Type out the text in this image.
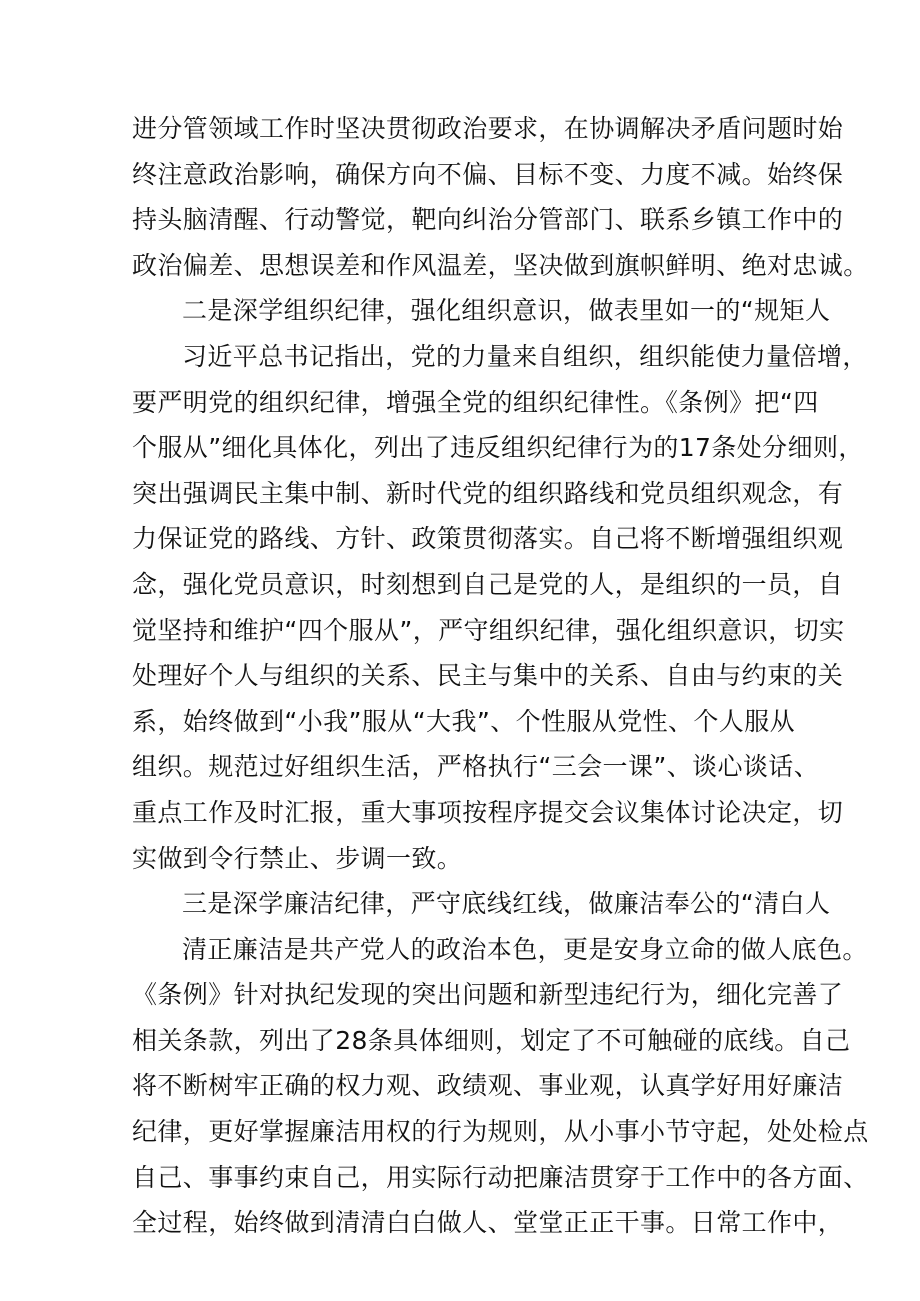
进分管领域工作时坚决贯彻政治要求，在协调解决矛盾问题时始
终注意政治影响，确保方向不偏、目标不变、力度不减。始终保
持头脑清醒、行动警觉，靶向纠治分管部门、联系乡镇工作中的
政治偏差、思想误差和作风温差，坚决做到旗帜鲜明、绝对忠诚。
二是深学组织纪律，强化组织意识，做表里如一的“规矩人
习近平总书记指出，党的力量来自组织，组织能使力量倍增，
要严明党的组织纪律，增强全党的组织纪律性。《条例》把“四
个服从”细化具体化，列出了违反组织纪律行为的17条处分细则，
突出强调民主集中制、新时代党的组织路线和党员组织观念，有
力保证党的路线、方针、政策贯彻落实。自己将不断增强组织观
念，强化党员意识，时刻想到自己是党的人，是组织的一员，自
觉坚持和维护“四个服从”，严守组织纪律，强化组织意识，切实
处理好个人与组织的关系、民主与集中的关系、自由与约束的关
系，始终做到“小我”服从“大我”、个性服从党性、个人服从
组织。规范过好组织生活，严格执行“三会一课”、谈心谈话、
重点工作及时汇报，重大事项按程序提交会议集体讨论决定，切
实做到令行禁止、步调一致。
三是深学廉洁纪律，严守底线红线，做廉洁奉公的“清白人
清正廉洁是共产党人的政治本色，更是安身立命的做人底色。
《条例》针对执纪发现的突出问题和新型违纪行为，细化完善了
相关条款，列出了28条具体细则，划定了不可触碰的底线。自己
将不断树牢正确的权力观、政绩观、事业观，认真学好用好廉洁
纪律，更好掌握廉洁用权的行为规则，从小事小节守起，处处检点
自己、事事约束自己，用实际行动把廉洁贯穿于工作中的各方面、
全过程，始终做到清清白白做人、堂堂正正干事。日常工作中，
